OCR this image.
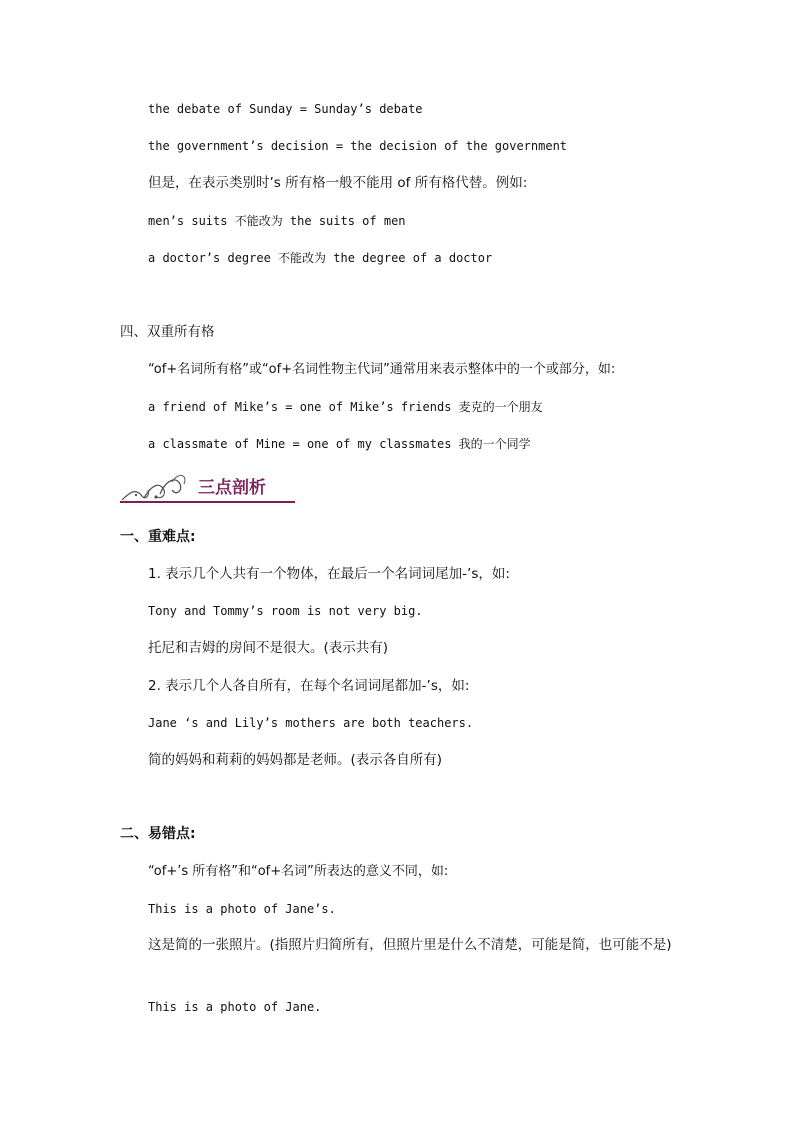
the debate of Sunday = Sunday’s debate

the government’s decision = the decision of the government

但是，在表示类别时’s 所有格一般不能用 of 所有格代替。例如:

men’s suits 不能改为 the suits of men

a doctor’s degree 不能改为 the degree of a doctor

四、双重所有格

“of+名词所有格”或“of+名词性物主代词”通常用来表示整体中的一个或部分，如:

a friend of Mike’s = one of Mike’s friends 麦克的一个朋友

a classmate of Mine = one of my classmates 我的一个同学

三点剖析

一、重难点:

1. 表示几个人共有一个物体，在最后一个名词词尾加-’s，如:

Tony and Tommy’s room is not very big.

托尼和吉姆的房间不是很大。(表示共有)

2. 表示几个人各自所有，在每个名词词尾都加-’s，如:

Jane ‘s and Lily’s mothers are both teachers.

简的妈妈和莉莉的妈妈都是老师。(表示各自所有)

二、易错点:

“of+’s 所有格”和“of+名词”所表达的意义不同，如:

This is a photo of Jane’s.

这是简的一张照片。(指照片归简所有，但照片里是什么不清楚，可能是简，也可能不是)

This is a photo of Jane.
